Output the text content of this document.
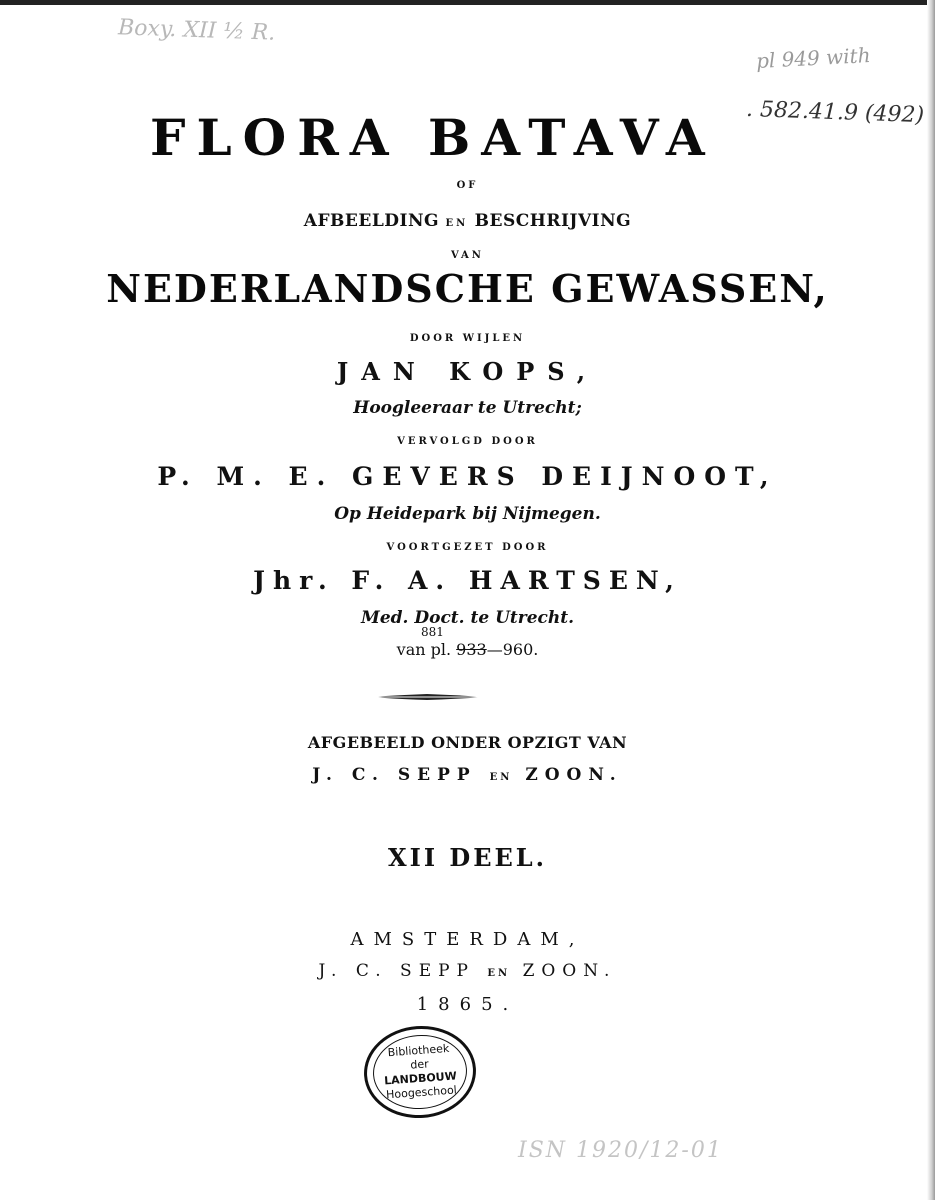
Boxy. XII ½ R.
pl 949 with
. 582.41.9 (492)
ISN 1920/12-01
FLORA BATAVA
OF
AFBEELDING EN BESCHRIJVING
VAN
NEDERLANDSCHE GEWASSEN,
DOOR WIJLEN
JAN KOPS,
Hoogleeraar te Utrecht;
VERVOLGD DOOR
P. M. E. GEVERS DEIJNOOT,
Op Heidepark bij Nijmegen.
VOORTGEZET DOOR
Jhr. F. A. HARTSEN,
Med. Doct. te Utrecht.
881
van pl. 933—960.
AFGEBEELD ONDER OPZIGT VAN
J. C. SEPP EN ZOON.
XII DEEL.
AMSTERDAM,
J. C. SEPP EN ZOON.
1865.
Bibliotheek
der
LANDBOUW
Hoogeschool
